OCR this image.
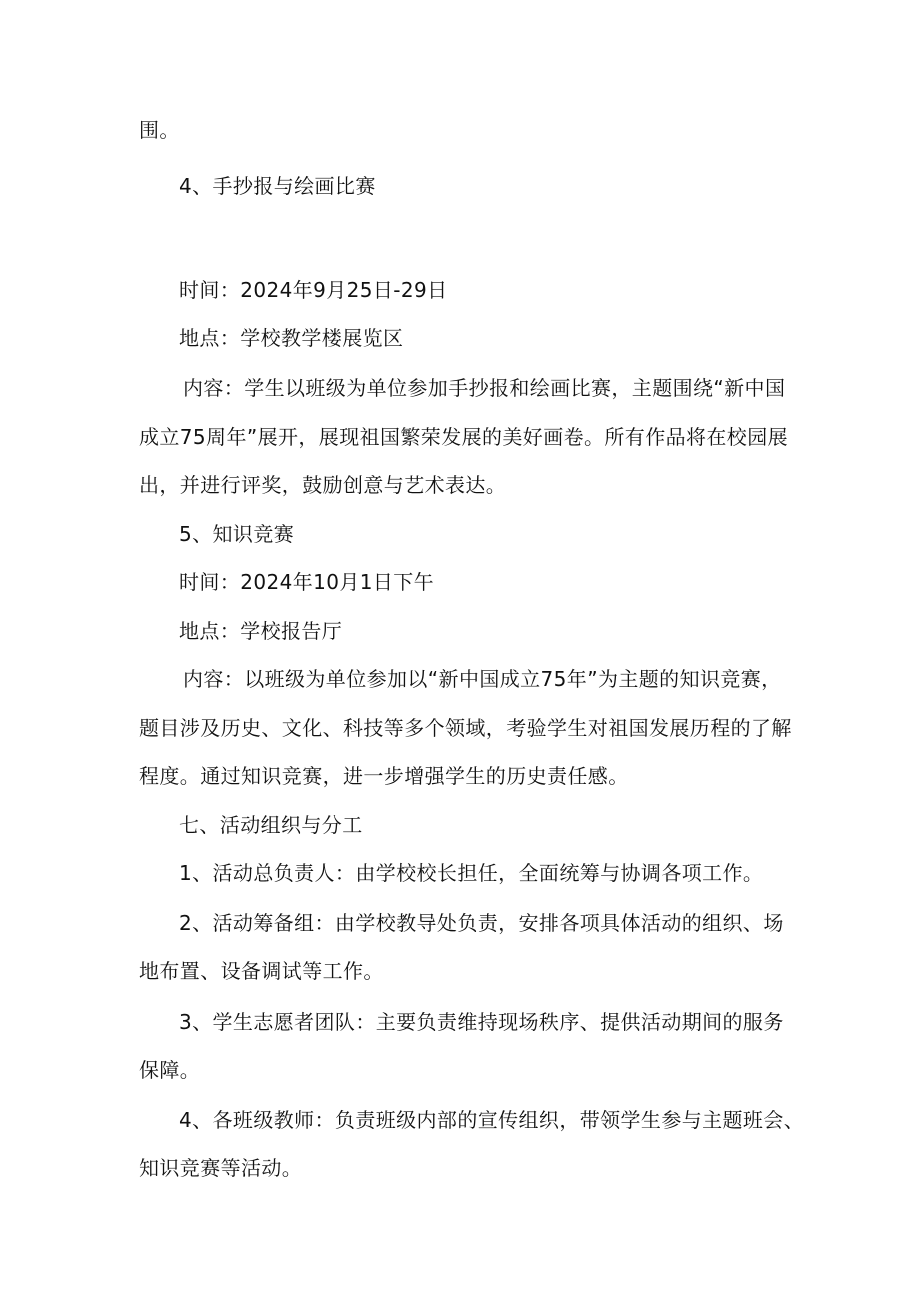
围。
4、手抄报与绘画比赛
时间：2024年9月25日-29日
地点：学校教学楼展览区
内容：学生以班级为单位参加手抄报和绘画比赛，主题围绕“新中国
成立75周年”展开，展现祖国繁荣发展的美好画卷。所有作品将在校园展
出，并进行评奖，鼓励创意与艺术表达。
5、知识竞赛
时间：2024年10月1日下午
地点：学校报告厅
内容：以班级为单位参加以“新中国成立75年”为主题的知识竞赛，
题目涉及历史、文化、科技等多个领域，考验学生对祖国发展历程的了解
程度。通过知识竞赛，进一步增强学生的历史责任感。
七、活动组织与分工
1、活动总负责人：由学校校长担任，全面统筹与协调各项工作。
2、活动筹备组：由学校教导处负责，安排各项具体活动的组织、场
地布置、设备调试等工作。
3、学生志愿者团队：主要负责维持现场秩序、提供活动期间的服务
保障。
4、各班级教师：负责班级内部的宣传组织，带领学生参与主题班会、
知识竞赛等活动。
